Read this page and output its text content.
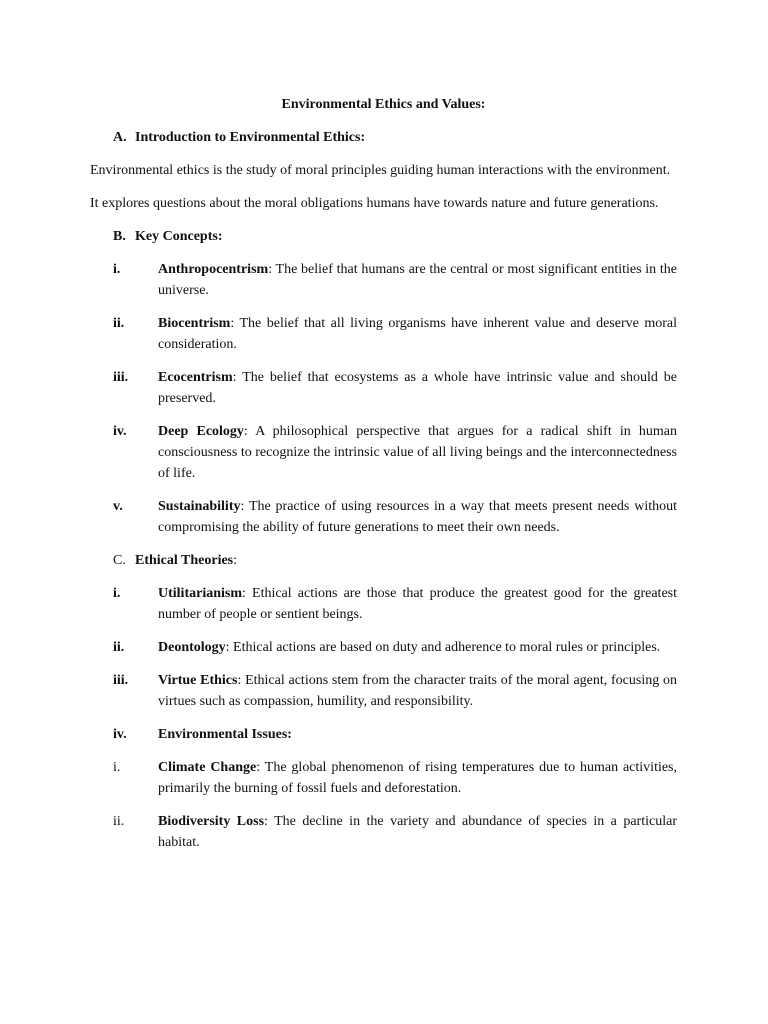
Environmental Ethics and Values:
A. Introduction to Environmental Ethics:
Environmental ethics is the study of moral principles guiding human interactions with the environment.
It explores questions about the moral obligations humans have towards nature and future generations.
B. Key Concepts:
i.	Anthropocentrism: The belief that humans are the central or most significant entities in the universe.
ii.	Biocentrism: The belief that all living organisms have inherent value and deserve moral consideration.
iii.	Ecocentrism: The belief that ecosystems as a whole have intrinsic value and should be preserved.
iv.	Deep Ecology: A philosophical perspective that argues for a radical shift in human consciousness to recognize the intrinsic value of all living beings and the interconnectedness of life.
v.	Sustainability: The practice of using resources in a way that meets present needs without compromising the ability of future generations to meet their own needs.
C. Ethical Theories:
i.	Utilitarianism: Ethical actions are those that produce the greatest good for the greatest number of people or sentient beings.
ii.	Deontology: Ethical actions are based on duty and adherence to moral rules or principles.
iii.	Virtue Ethics: Ethical actions stem from the character traits of the moral agent, focusing on virtues such as compassion, humility, and responsibility.
iv.	Environmental Issues:
i.	Climate Change: The global phenomenon of rising temperatures due to human activities, primarily the burning of fossil fuels and deforestation.
ii.	Biodiversity Loss: The decline in the variety and abundance of species in a particular habitat.
